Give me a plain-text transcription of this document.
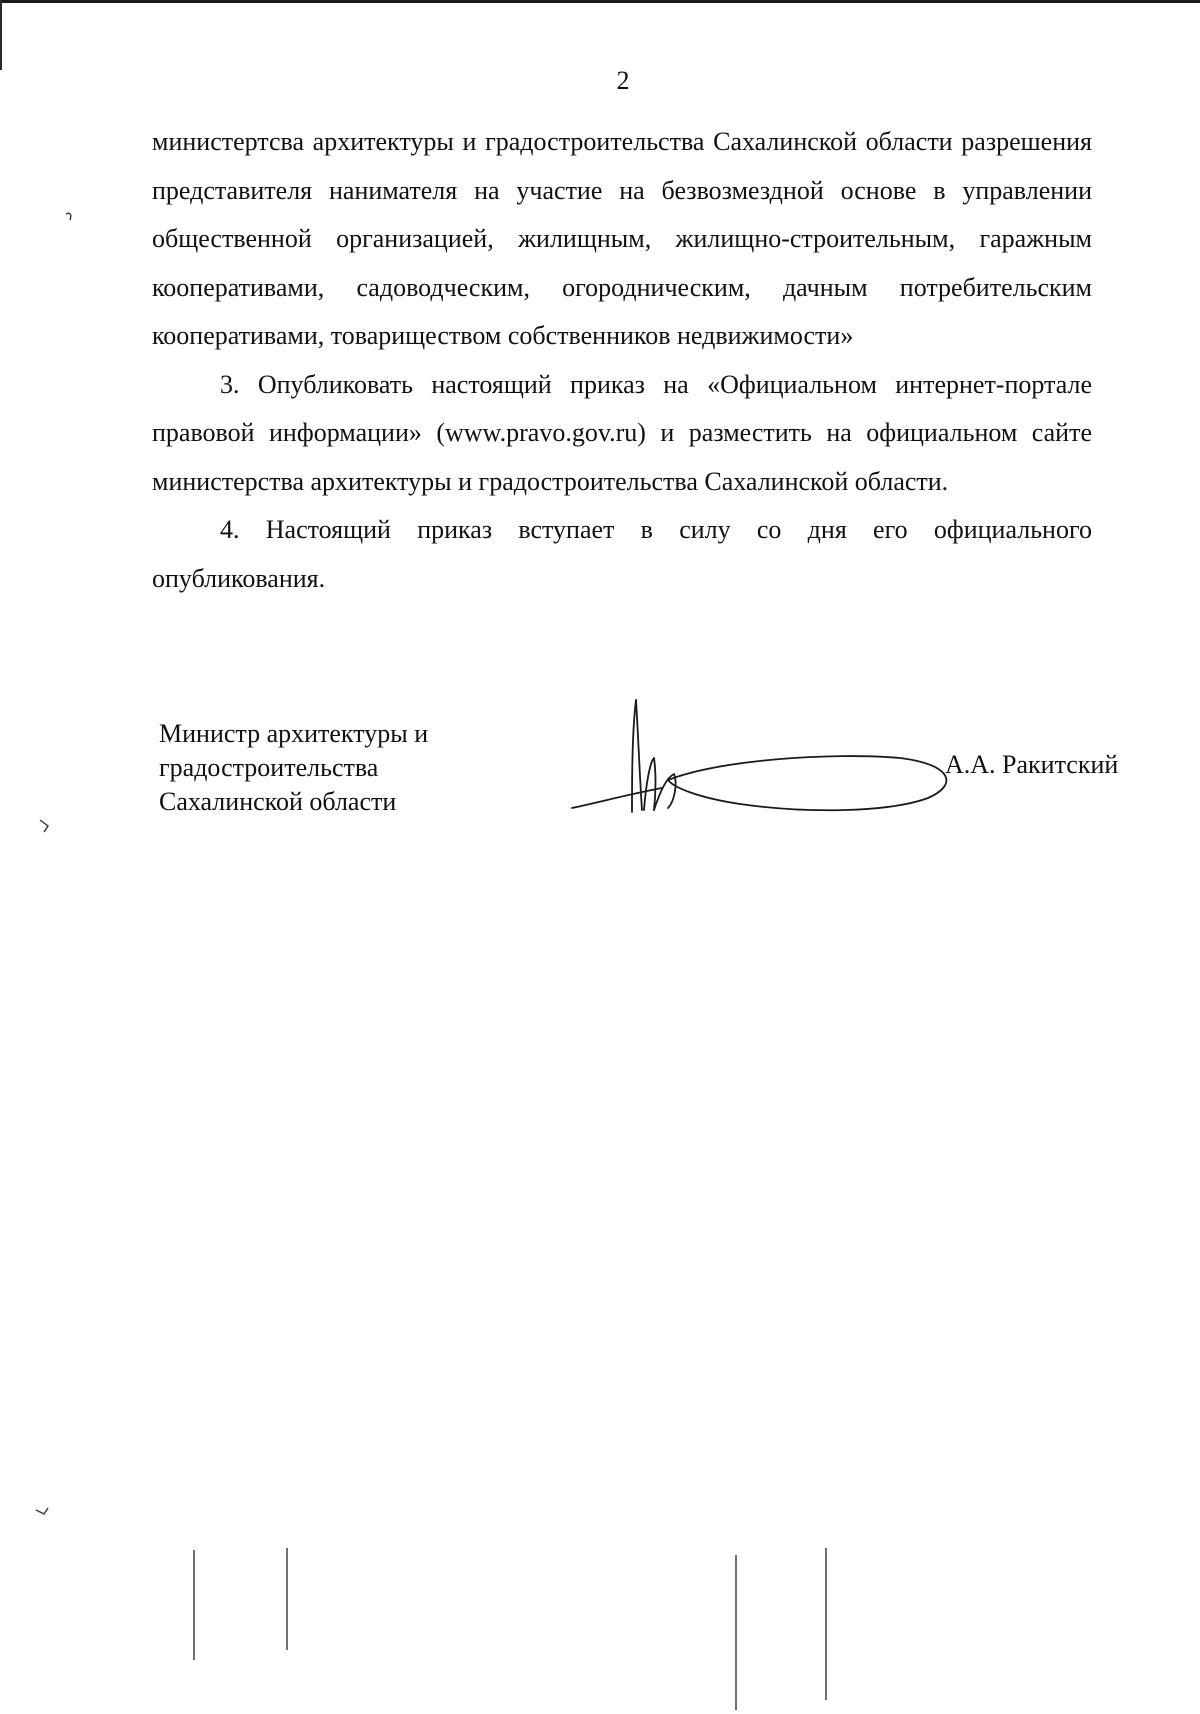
2

министертсва архитектуры и градостроительства Сахалинской области разрешения представителя нанимателя на участие на безвозмездной основе в управлении общественной организацией, жилищным, жилищно-строительным, гаражным кооперативами, садоводческим, огородническим, дачным потребительским кооперативами, товариществом собственников недвижимости»

3. Опубликовать настоящий приказ на «Официальном интернет-портале правовой информации» (www.pravo.gov.ru) и разместить на официальном сайте министерства архитектуры и градостроительства Сахалинской области.

4. Настоящий приказ вступает в силу со дня его официального опубликования.

Министр архитектуры и
градостроительства
Сахалинской области
А.А. Ракитский
